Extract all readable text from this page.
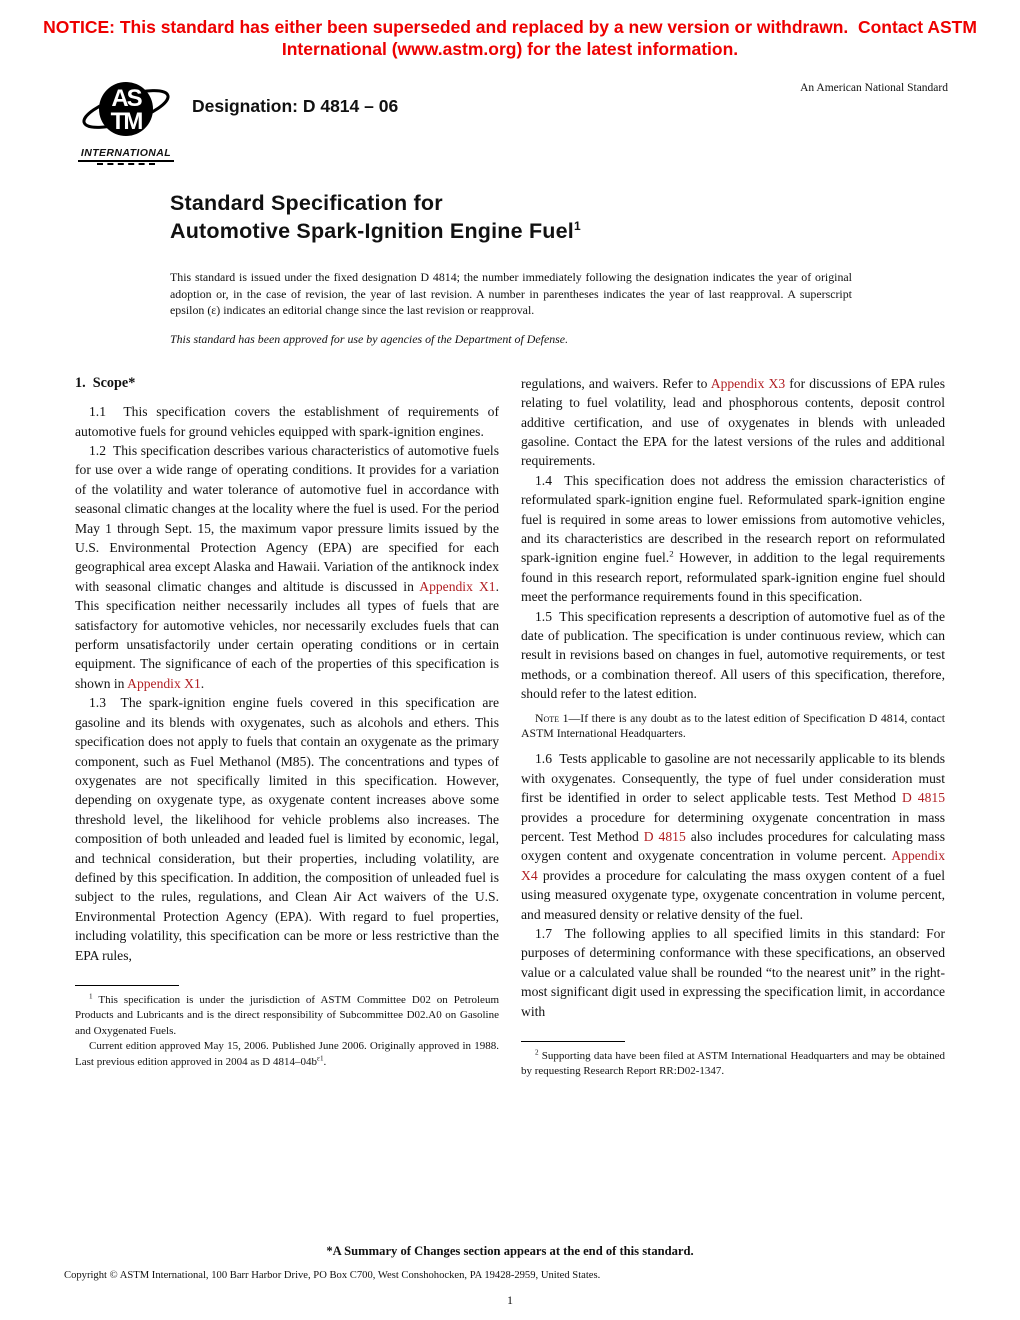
NOTICE: This standard has either been superseded and replaced by a new version or withdrawn.  Contact ASTM
International (www.astm.org) for the latest information.
AS
TM
INTERNATIONAL
Designation: D 4814 – 06
An American National Standard
Standard Specification for
Automotive Spark-Ignition Engine Fuel$^1$
This standard is issued under the fixed designation D 4814; the number immediately following the designation indicates the year of original adoption or, in the case of revision, the year of last revision. A number in parentheses indicates the year of last reapproval. A superscript epsilon (ε) indicates an editorial change since the last revision or reapproval.
This standard has been approved for use by agencies of the Department of Defense.
1.  Scope*

1.1  This specification covers the establishment of requirements of automotive fuels for ground vehicles equipped with spark-ignition engines.

1.2  This specification describes various characteristics of automotive fuels for use over a wide range of operating conditions. It provides for a variation of the volatility and water tolerance of automotive fuel in accordance with seasonal climatic changes at the locality where the fuel is used. For the period May 1 through Sept. 15, the maximum vapor pressure limits issued by the U.S. Environmental Protection Agency (EPA) are specified for each geographical area except Alaska and Hawaii. Variation of the antiknock index with seasonal climatic changes and altitude is discussed in Appendix X1. This specification neither necessarily includes all types of fuels that are satisfactory for automotive vehicles, nor necessarily excludes fuels that can perform unsatisfactorily under certain operating conditions or in certain equipment. The significance of each of the properties of this specification is shown in Appendix X1.

1.3  The spark-ignition engine fuels covered in this specification are gasoline and its blends with oxygenates, such as alcohols and ethers. This specification does not apply to fuels that contain an oxygenate as the primary component, such as Fuel Methanol (M85). The concentrations and types of oxygenates are not specifically limited in this specification. However, depending on oxygenate type, as oxygenate content increases above some threshold level, the likelihood for vehicle problems also increases. The composition of both unleaded and leaded fuel is limited by economic, legal, and technical consideration, but their properties, including volatility, are defined by this specification. In addition, the composition of unleaded fuel is subject to the rules, regulations, and Clean Air Act waivers of the U.S. Environmental Protection Agency (EPA). With regard to fuel properties, including volatility, this specification can be more or less restrictive than the EPA rules,

$^1$ This specification is under the jurisdiction of ASTM Committee D02 on Petroleum Products and Lubricants and is the direct responsibility of Subcommittee D02.A0 on Gasoline and Oxygenated Fuels.

Current edition approved May 15, 2006. Published June 2006. Originally approved in 1988. Last previous edition approved in 2004 as D $4814-04b^{\varepsilon 1}$.

regulations, and waivers. Refer to Appendix X3 for discussions of EPA rules relating to fuel volatility, lead and phosphorous contents, deposit control additive certification, and use of oxygenates in blends with unleaded gasoline. Contact the EPA for the latest versions of the rules and additional requirements.

1.4  This specification does not address the emission characteristics of reformulated spark-ignition engine fuel. Reformulated spark-ignition engine fuel is required in some areas to lower emissions from automotive vehicles, and its characteristics are described in the research report on reformulated spark-ignition engine fuel.$^2$ However, in addition to the legal requirements found in this research report, reformulated spark-ignition engine fuel should meet the performance requirements found in this specification.

1.5  This specification represents a description of automotive fuel as of the date of publication. The specification is under continuous review, which can result in revisions based on changes in fuel, automotive requirements, or test methods, or a combination thereof. All users of this specification, therefore, should refer to the latest edition.

Note 1—If there is any doubt as to the latest edition of Specification D 4814, contact ASTM International Headquarters.

1.6  Tests applicable to gasoline are not necessarily applicable to its blends with oxygenates. Consequently, the type of fuel under consideration must first be identified in order to select applicable tests. Test Method D 4815 provides a procedure for determining oxygenate concentration in mass percent. Test Method D 4815 also includes procedures for calculating mass oxygen content and oxygenate concentration in volume percent. Appendix X4 provides a procedure for calculating the mass oxygen content of a fuel using measured oxygenate type, oxygenate concentration in volume percent, and measured density or relative density of the fuel.

1.7  The following applies to all specified limits in this standard: For purposes of determining conformance with these specifications, an observed value or a calculated value shall be rounded “to the nearest unit” in the right-most significant digit used in expressing the specification limit, in accordance with

$^2$ Supporting data have been filed at ASTM International Headquarters and may be obtained by requesting Research Report RR:D02-1347.

*A Summary of Changes section appears at the end of this standard.
Copyright © ASTM International, 100 Barr Harbor Drive, PO Box C700, West Conshohocken, PA 19428-2959, United States.
1
